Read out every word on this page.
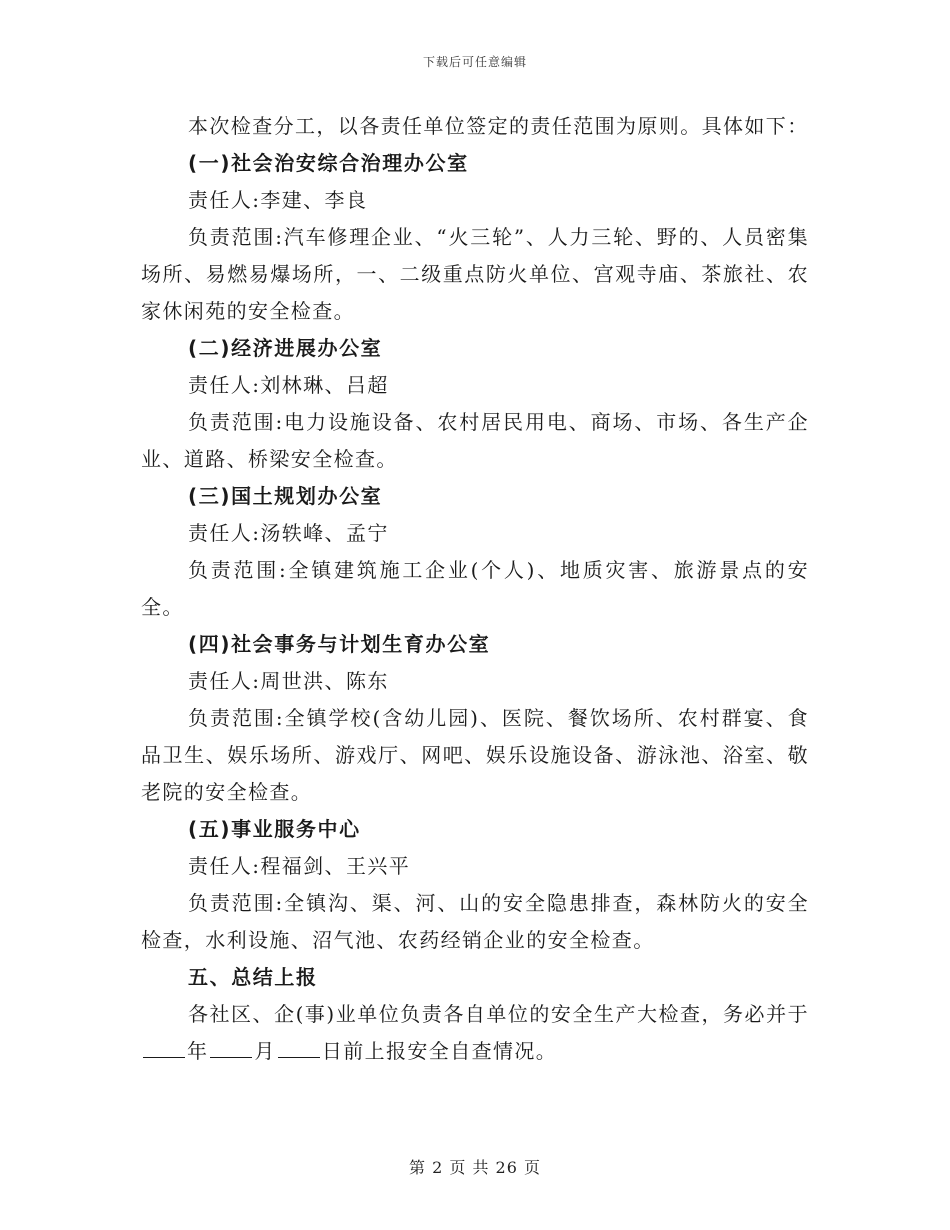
下载后可任意编辑

本次检查分工，以各责任单位签定的责任范围为原则。具体如下：

(一)社会治安综合治理办公室

责任人:李建、李良

负责范围:汽车修理企业、“火三轮”、人力三轮、野的、人员密集场所、易燃易爆场所，一、二级重点防火单位、宫观寺庙、茶旅社、农家休闲苑的安全检查。

(二)经济进展办公室

责任人:刘林琳、吕超

负责范围:电力设施设备、农村居民用电、商场、市场、各生产企业、道路、桥梁安全检查。

(三)国土规划办公室

责任人:汤轶峰、孟宁

负责范围:全镇建筑施工企业(个人)、地质灾害、旅游景点的安全。

(四)社会事务与计划生育办公室

责任人:周世洪、陈东

负责范围:全镇学校(含幼儿园)、医院、餐饮场所、农村群宴、食品卫生、娱乐场所、游戏厅、网吧、娱乐设施设备、游泳池、浴室、敬老院的安全检查。

(五)事业服务中心

责任人:程福剑、王兴平

负责范围:全镇沟、渠、河、山的安全隐患排查，森林防火的安全检查，水利设施、沼气池、农药经销企业的安全检查。

五、总结上报

各社区、企(事)业单位负责各自单位的安全生产大检查，务必并于年 月 日前上报安全自查情况。

第 2 页 共 26 页
